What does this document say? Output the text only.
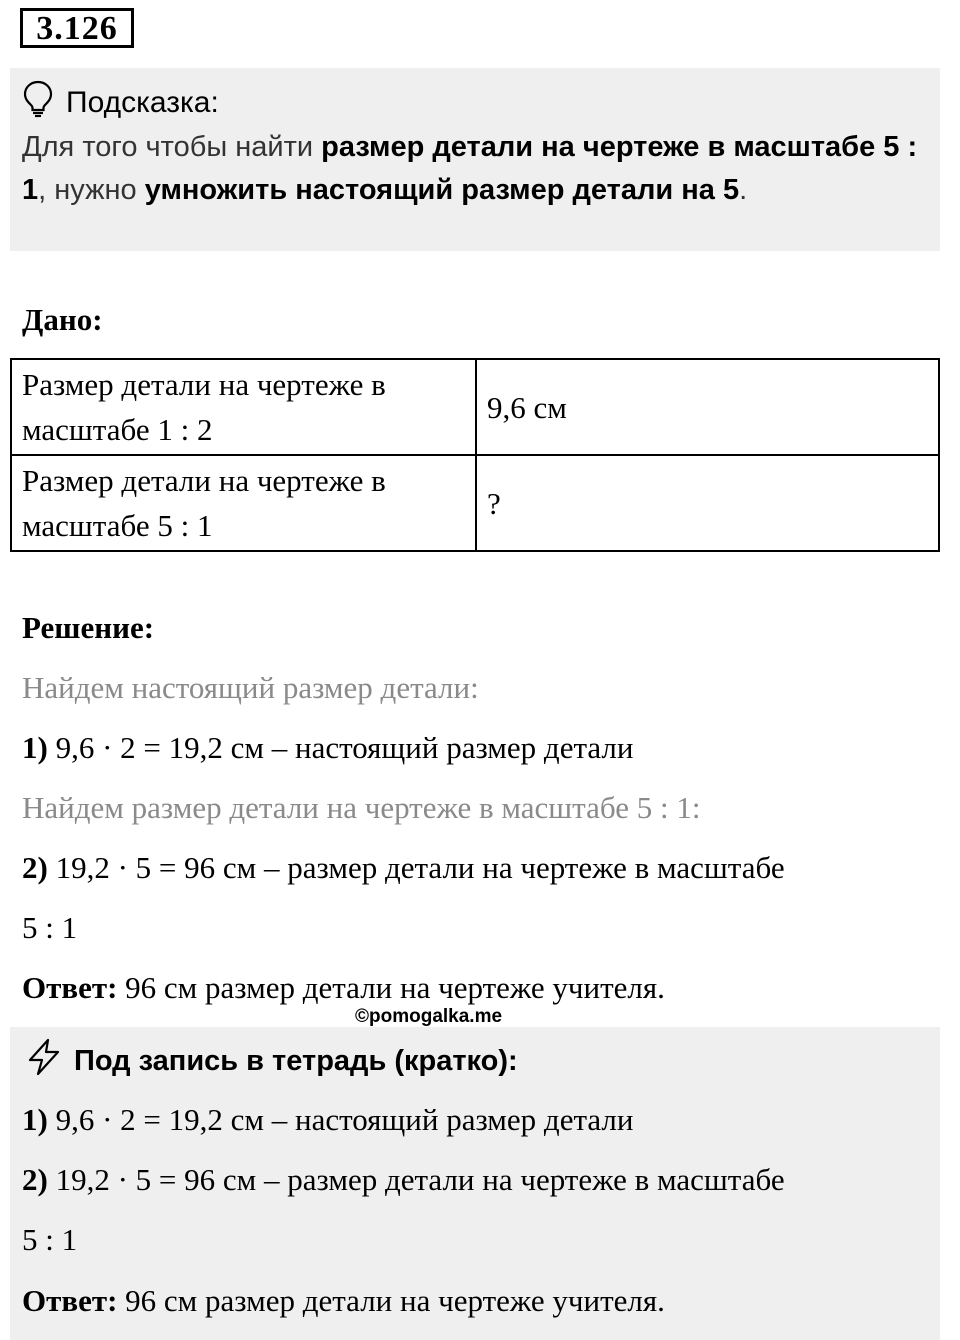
3.126
Подсказка:
Для того чтобы найти размер детали на чертеже в масштабе 5 : 1, нужно умножить настоящий размер детали на 5.
Дано:
Размер детали на чертеже в масштабе 1 : 2	9,6 см
Размер детали на чертеже в масштабе 5 : 1	?
Решение:
Найдем настоящий размер детали:
1) 9,6 · 2 = 19,2 см – настоящий размер детали
Найдем размер детали на чертеже в масштабе 5 : 1:
2) 19,2 · 5 = 96 см – размер детали на чертеже в масштабе
5 : 1
Ответ: 96 см размер детали на чертеже учителя.
Под запись в тетрадь (кратко):
©pomogalka.me
1) 9,6 · 2 = 19,2 см – настоящий размер детали
2) 19,2 · 5 = 96 см – размер детали на чертеже в масштабе
5 : 1
Ответ: 96 см размер детали на чертеже учителя.
